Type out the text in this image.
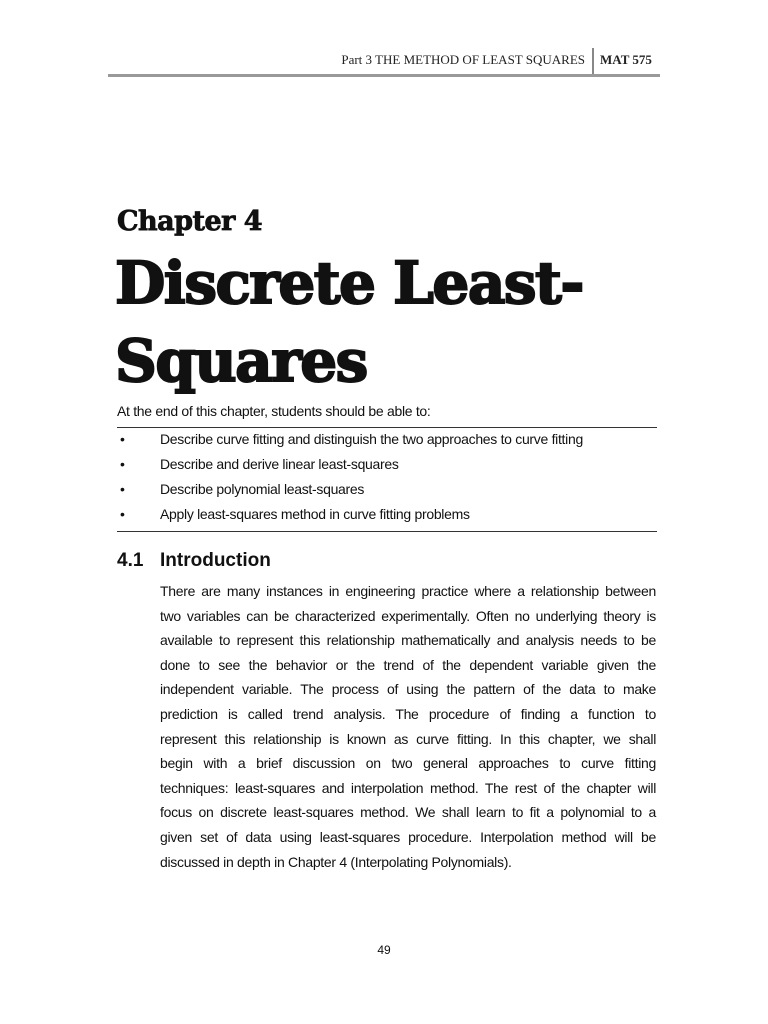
Part 3 THE METHOD OF LEAST SQUARES MAT 575
Chapter 4
Discrete Least-
Squares
At the end of this chapter, students should be able to:
•	Describe curve fitting and distinguish the two approaches to curve fitting
•	Describe and derive linear least-squares
•	Describe polynomial least-squares
•	Apply least-squares method in curve fitting problems
4.1 Introduction
There are many instances in engineering practice where a relationship between
two variables can be characterized experimentally. Often no underlying theory is
available to represent this relationship mathematically and analysis needs to be
done to see the behavior or the trend of the dependent variable given the
independent variable. The process of using the pattern of the data to make
prediction is called trend analysis. The procedure of finding a function to
represent this relationship is known as curve fitting. In this chapter, we shall
begin with a brief discussion on two general approaches to curve fitting
techniques: least-squares and interpolation method. The rest of the chapter will
focus on discrete least-squares method. We shall learn to fit a polynomial to a
given set of data using least-squares procedure. Interpolation method will be
discussed in depth in Chapter 4 (Interpolating Polynomials).
49
